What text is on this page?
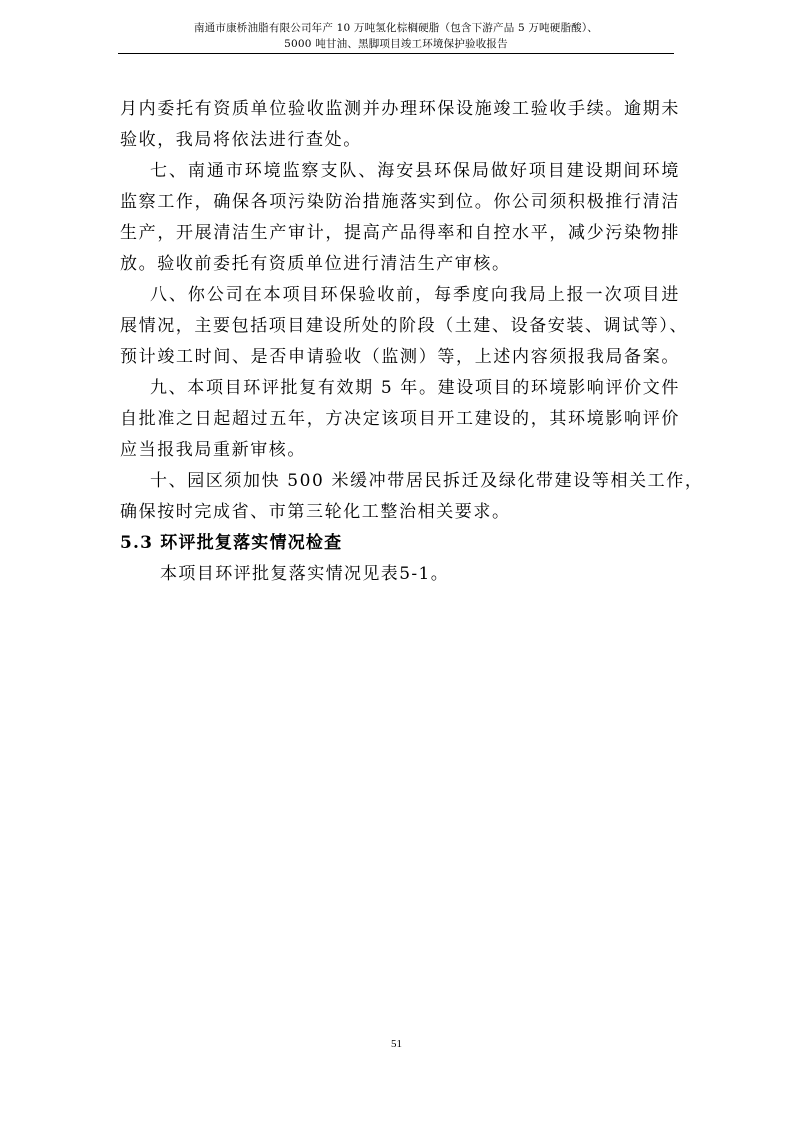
南通市康桥油脂有限公司年产 10 万吨氢化棕榈硬脂（包含下游产品 5 万吨硬脂酸）、
5000 吨甘油、黑脚项目竣工环境保护验收报告
月内委托有资质单位验收监测并办理环保设施竣工验收手续。逾期未
验收，我局将依法进行查处。
七、南通市环境监察支队、海安县环保局做好项目建设期间环境
监察工作，确保各项污染防治措施落实到位。你公司须积极推行清洁
生产，开展清洁生产审计，提高产品得率和自控水平，减少污染物排
放。验收前委托有资质单位进行清洁生产审核。
八、你公司在本项目环保验收前，每季度向我局上报一次项目进
展情况，主要包括项目建设所处的阶段（土建、设备安装、调试等）、
预计竣工时间、是否申请验收（监测）等，上述内容须报我局备案。
九、本项目环评批复有效期 5 年。建设项目的环境影响评价文件
自批准之日起超过五年，方决定该项目开工建设的，其环境影响评价
应当报我局重新审核。
十、园区须加快 500 米缓冲带居民拆迁及绿化带建设等相关工作，
确保按时完成省、市第三轮化工整治相关要求。
5.3 环评批复落实情况检查
本项目环评批复落实情况见表5-1。
51
